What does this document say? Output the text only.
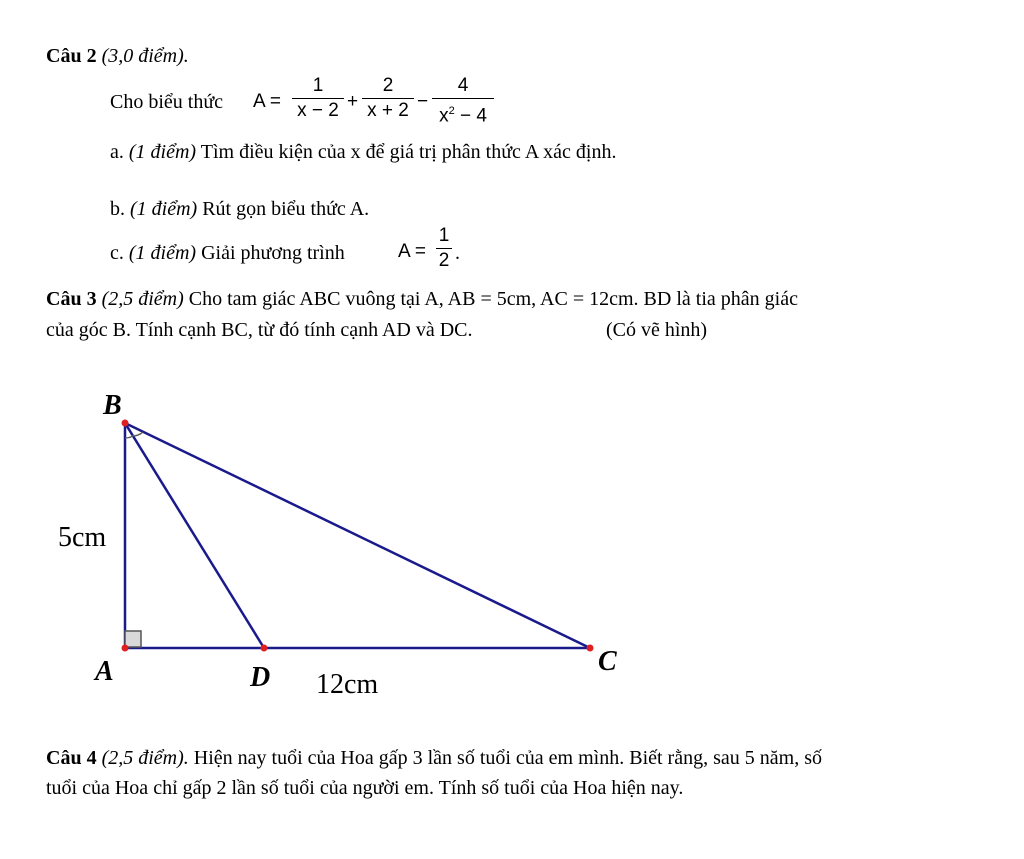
Câu 2 (3,0 điểm).
Cho biểu thức A =
1
x − 2 +
2
x + 2 −
4
$x^2 - 4$
a. (1 điểm) Tìm điều kiện của x để giá trị phân thức A xác định.
b. (1 điểm) Rút gọn biểu thức A.
c. (1 điểm) Giải phương trình	A =
1
2 .
Câu 3 (2,5 điểm) Cho tam giác ABC vuông tại A, AB = 5cm, AC = 12cm. BD là tia phân giác
của góc B. Tính cạnh BC, từ đó tính cạnh AD và DC.	(Có vẽ hình)
B
A	D
C
5cm
12cm
Câu 4 (2,5 điểm). Hiện nay tuổi của Hoa gấp 3 lần số tuổi của em mình. Biết rằng, sau 5 năm, số
tuổi của Hoa chỉ gấp 2 lần số tuổi của người em. Tính số tuổi của Hoa hiện nay.
